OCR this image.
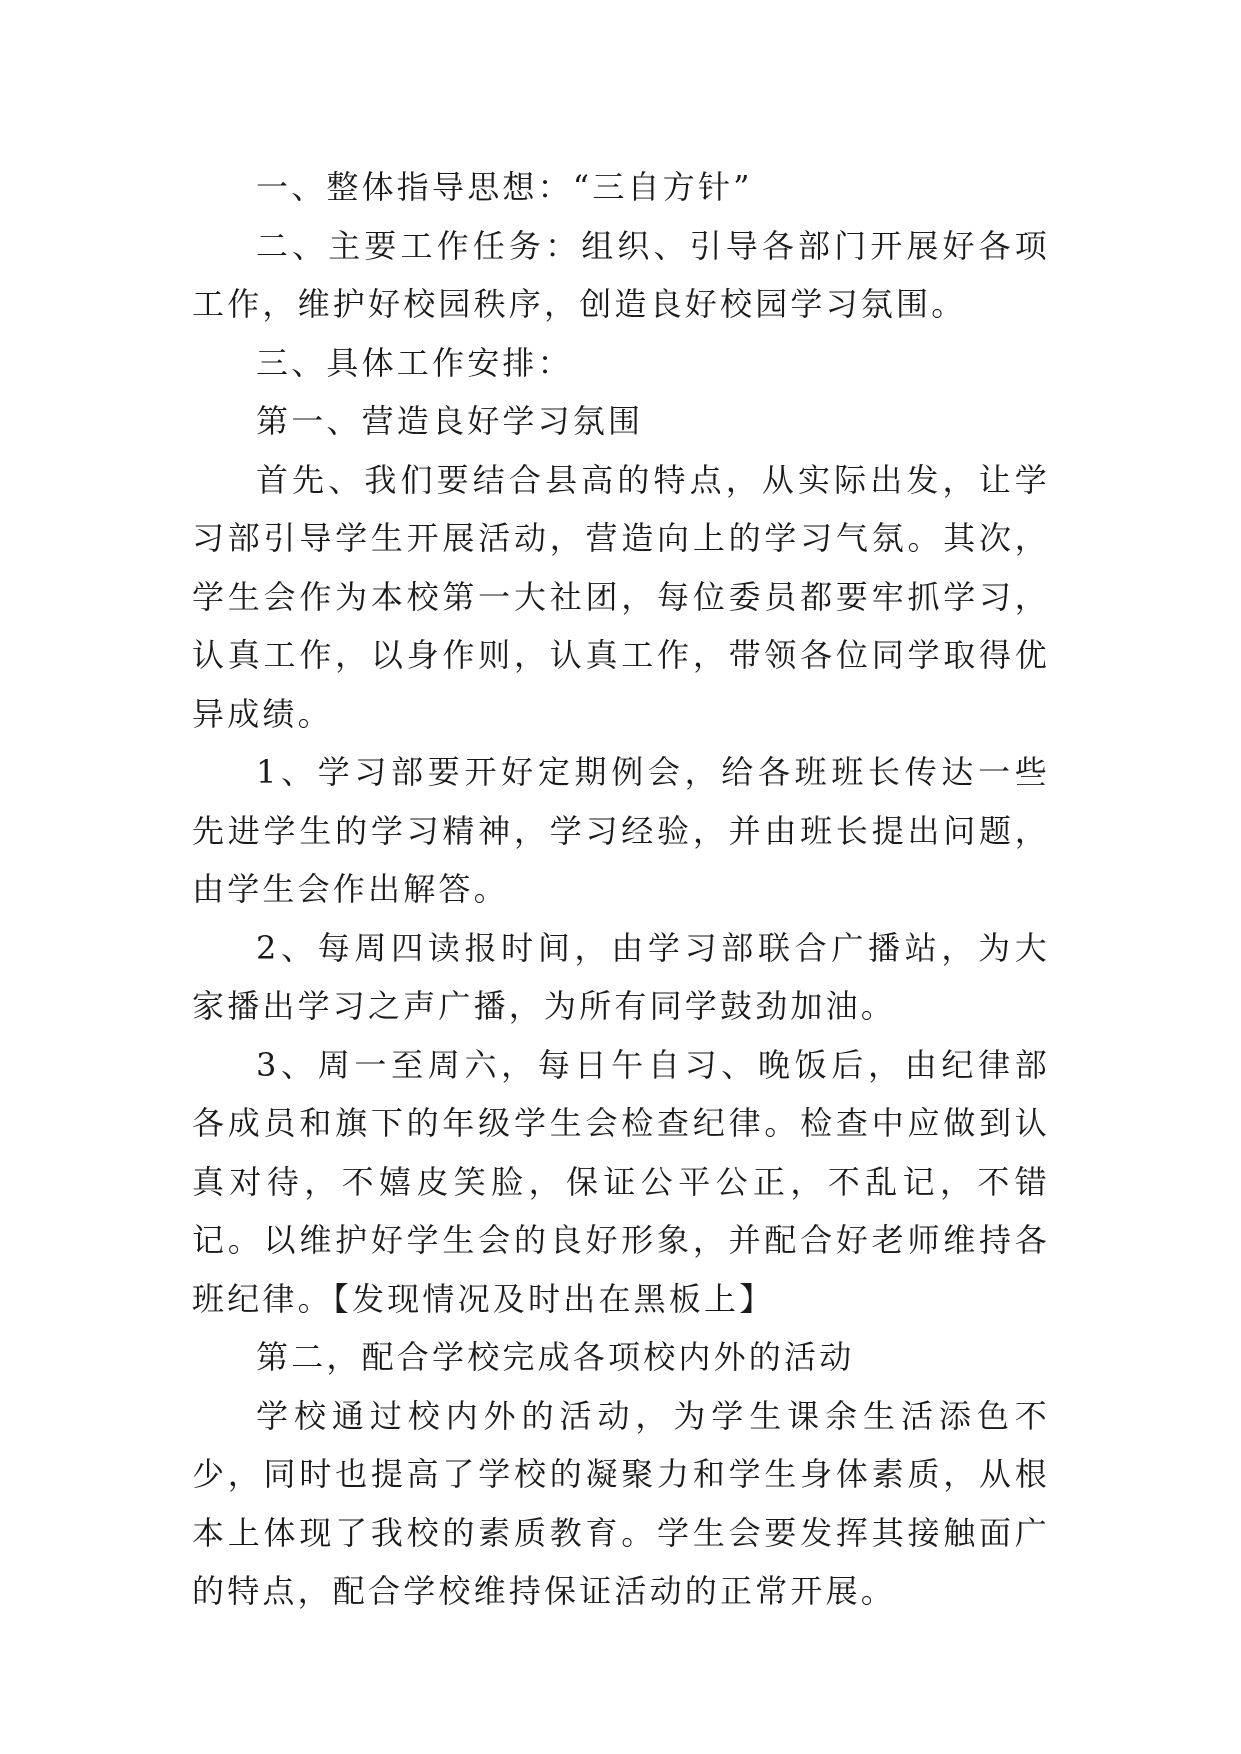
一、整体指导思想：“三自方针”

二、主要工作任务：组织、引导各部门开展好各项工作，维护好校园秩序，创造良好校园学习氛围。

三、具体工作安排：

第一、营造良好学习氛围

首先、我们要结合县高的特点，从实际出发，让学习部引导学生开展活动，营造向上的学习气氛。其次，学生会作为本校第一大社团，每位委员都要牢抓学习，认真工作，以身作则，认真工作，带领各位同学取得优异成绩。

1、学习部要开好定期例会，给各班班长传达一些先进学生的学习精神，学习经验，并由班长提出问题，由学生会作出解答。

2、每周四读报时间，由学习部联合广播站，为大家播出学习之声广播，为所有同学鼓劲加油。

3、周一至周六，每日午自习、晚饭后，由纪律部各成员和旗下的年级学生会检查纪律。检查中应做到认真对待，不嬉皮笑脸，保证公平公正，不乱记，不错记。以维护好学生会的良好形象，并配合好老师维持各班纪律。【发现情况及时出在黑板上】

第二，配合学校完成各项校内外的活动

学校通过校内外的活动，为学生课余生活添色不少，同时也提高了学校的凝聚力和学生身体素质，从根本上体现了我校的素质教育。学生会要发挥其接触面广的特点，配合学校维持保证活动的正常开展。
